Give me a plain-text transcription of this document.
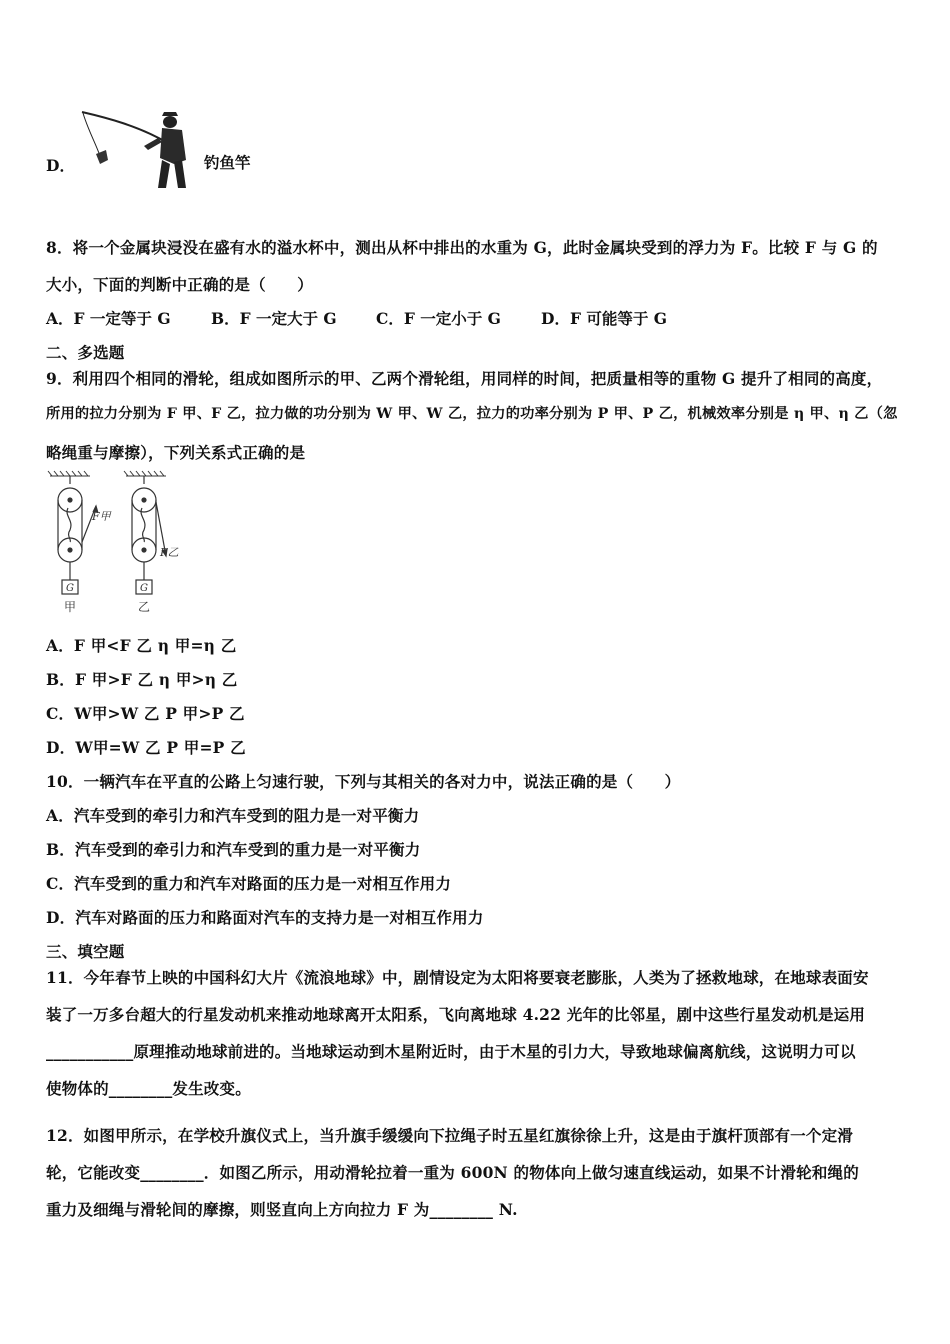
D．	钓鱼竿
8．将一个金属块浸没在盛有水的溢水杯中，测出从杯中排出的水重为 G，此时金属块受到的浮力为 F。比较 F 与 G 的
大小，下面的判断中正确的是（　　）
A．F 一定等于 G	B．F 一定大于 G	C．F 一定小于 G	D．F 可能等于 G
二、多选题
9．利用四个相同的滑轮，组成如图所示的甲、乙两个滑轮组，用同样的时间，把质量相等的重物 G 提升了相同的高度，
所用的拉力分别为 F 甲、F 乙，拉力做的功分别为 W 甲、W 乙，拉力的功率分别为 P 甲、P 乙，机械效率分别是 η 甲、η 乙（忽
略绳重与摩擦），下列关系式正确的是
F甲
F乙
G	G
甲	乙
A．F 甲<F 乙 η 甲=η 乙
B．F 甲>F 乙 η 甲>η 乙
C．W甲>W 乙 P 甲>P 乙
D．W甲=W 乙 P 甲=P 乙
10．一辆汽车在平直的公路上匀速行驶，下列与其相关的各对力中，说法正确的是（　　）
A．汽车受到的牵引力和汽车受到的阻力是一对平衡力
B．汽车受到的牵引力和汽车受到的重力是一对平衡力
C．汽车受到的重力和汽车对路面的压力是一对相互作用力
D．汽车对路面的压力和路面对汽车的支持力是一对相互作用力
三、填空题
11．今年春节上映的中国科幻大片《流浪地球》中，剧情设定为太阳将要衰老膨胀，人类为了拯救地球，在地球表面安
装了一万多台超大的行星发动机来推动地球离开太阳系，飞向离地球 4.22 光年的比邻星，剧中这些行星发动机是运用
___________原理推动地球前进的。当地球运动到木星附近时，由于木星的引力大，导致地球偏离航线，这说明力可以
使物体的________发生改变。
12．如图甲所示，在学校升旗仪式上，当升旗手缓缓向下拉绳子时五星红旗徐徐上升，这是由于旗杆顶部有一个定滑
轮，它能改变________．如图乙所示，用动滑轮拉着一重为 600N 的物体向上做匀速直线运动，如果不计滑轮和绳的
重力及细绳与滑轮间的摩擦，则竖直向上方向拉力 F 为________ N.
